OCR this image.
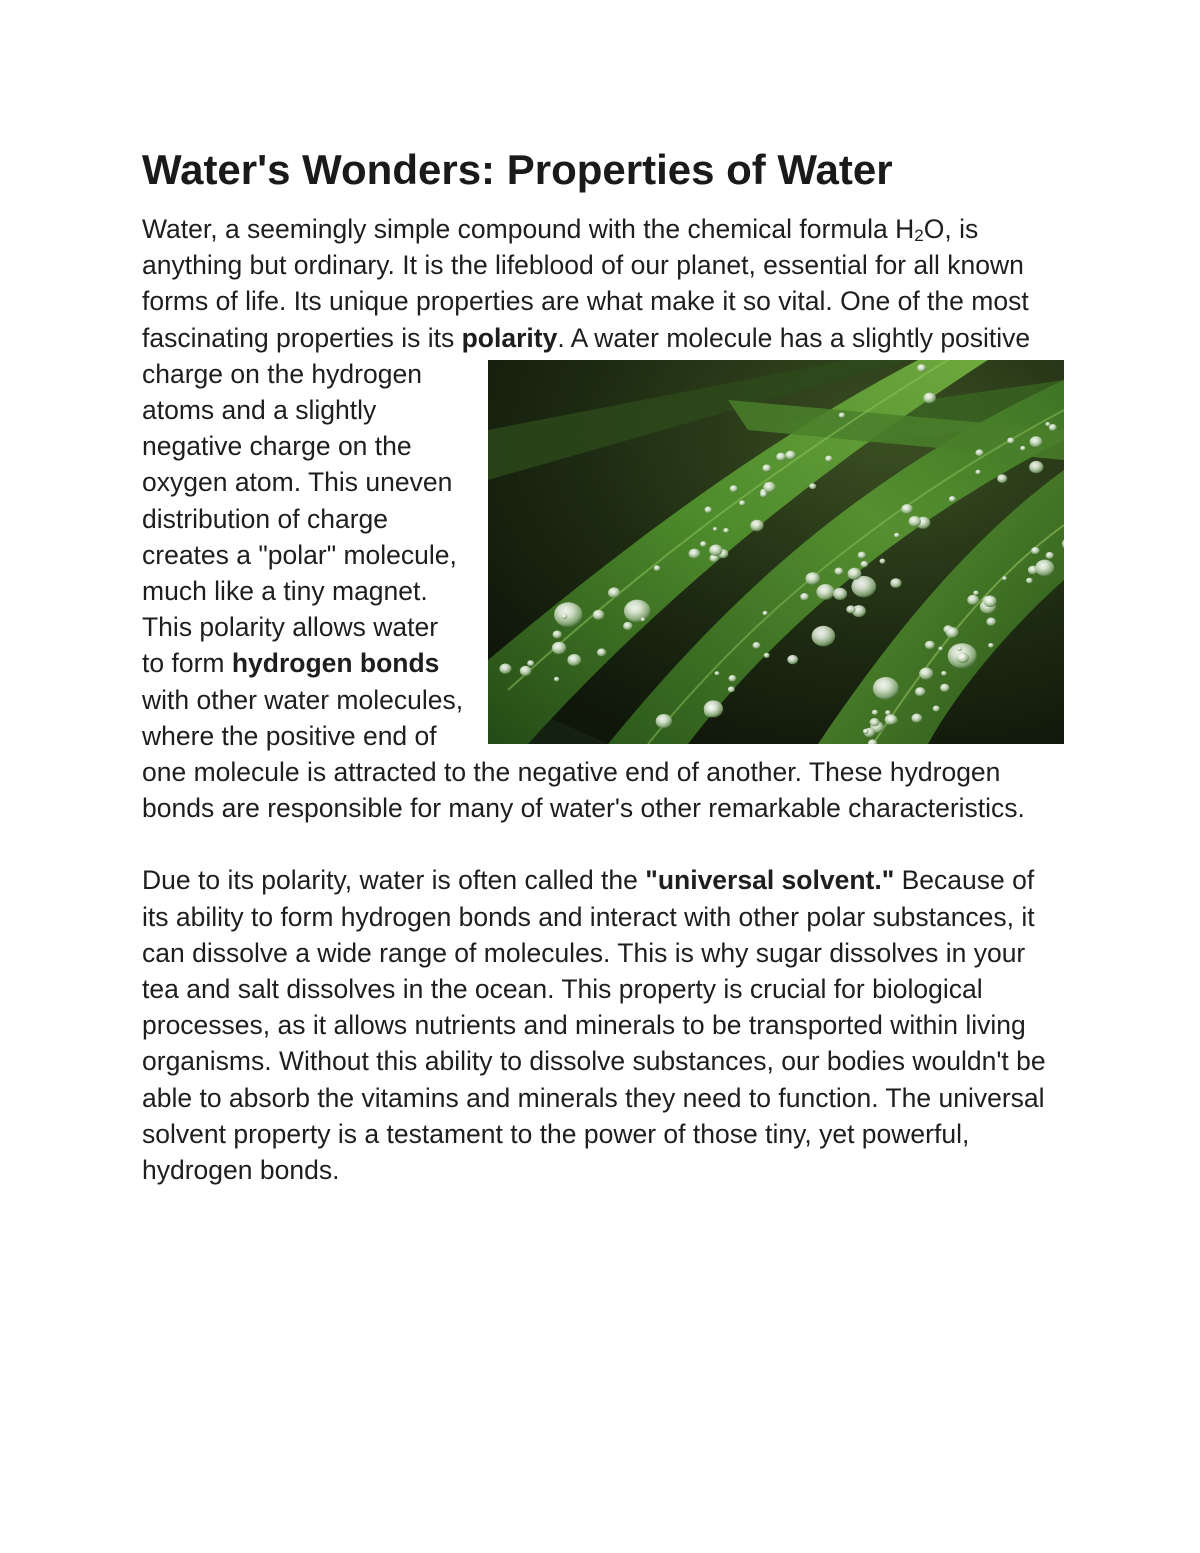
Water's Wonders: Properties of Water

Water, a seemingly simple compound with the chemical formula $H_2O$, is anything but ordinary. It is the lifeblood of our planet, essential for all known forms of life. Its unique properties are what make it so vital. One of the most fascinating properties is its polarity
. A water molecule has a slightly positive charge on the hydrogen atoms and a slightly negative charge on the oxygen atom. This uneven distribution of charge creates a "polar" molecule, much like a tiny magnet. This polarity allows water to form hydrogen bonds with other water molecules, where the positive end of one molecule is attracted to the negative end of another. These hydrogen bonds are responsible for many of water's other remarkable characteristics.

Due to its polarity, water is often called the "universal solvent." Because of its ability to form hydrogen bonds and interact with other polar substances, it can dissolve a wide range of molecules. This is why sugar dissolves in your tea and salt dissolves in the ocean. This property is crucial for biological processes, as it allows nutrients and minerals to be transported within living organisms. Without this ability to dissolve substances, our bodies wouldn't be able to absorb the vitamins and minerals they need to function. The universal solvent property is a testament to the power of those tiny, yet powerful, hydrogen bonds.
